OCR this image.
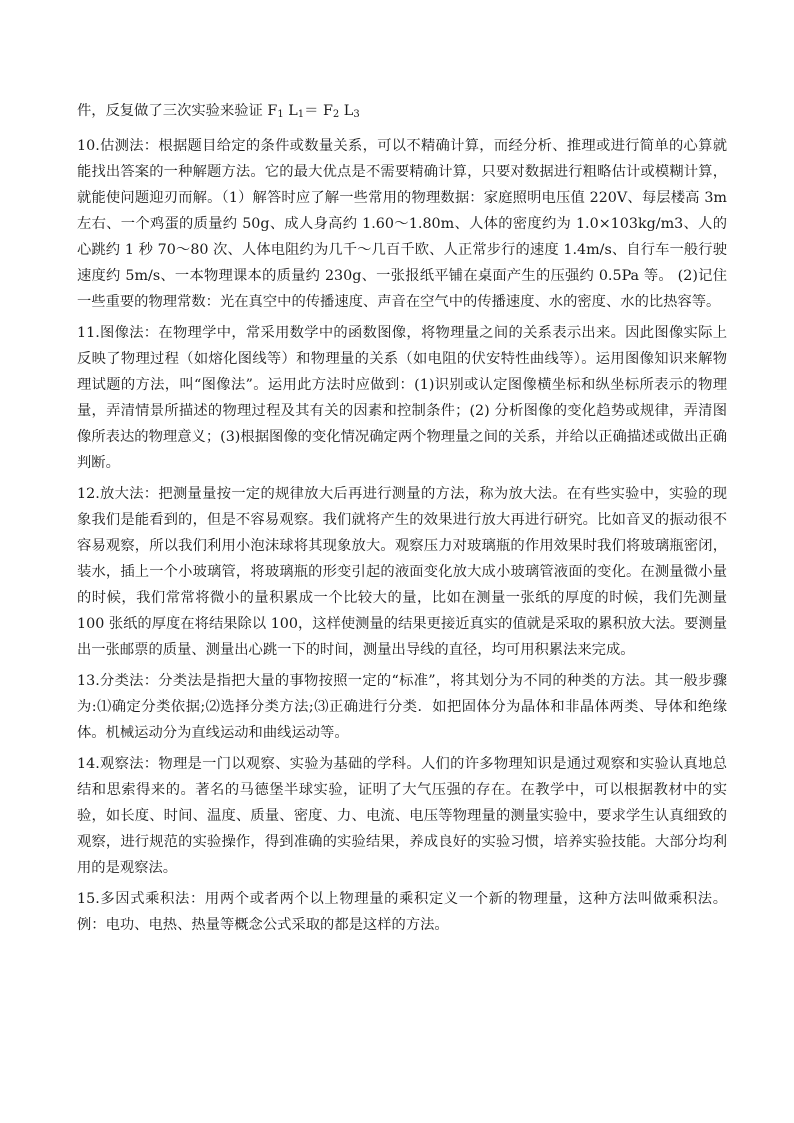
件，反复做了三次实验来验证 $F_1$ $L_1= F_2$ $L_3$

10.估测法：根据题目给定的条件或数量关系，可以不精确计算，而经分析、推理或进行简单的心算就能找出答案的一种解题方法。它的最大优点是不需要精确计算，只要对数据进行粗略估计或模糊计算，就能使问题迎刃而解。（1）解答时应了解一些常用的物理数据：家庭照明电压值 220V、每层楼高 3m 左右、一个鸡蛋的质量约 50g、成人身高约 1.60～1.80m、人体的密度约为 1.0×103kg/m3、人的心跳约 1 秒 70～80 次、人体电阻约为几千～几百千欧、人正常步行的速度 1.4m/s、自行车一般行驶速度约 5m/s、一本物理课本的质量约 230g、一张报纸平铺在桌面产生的压强约 0.5Pa 等。 (2)记住一些重要的物理常数：光在真空中的传播速度、声音在空气中的传播速度、水的密度、水的比热容等。

11.图像法：在物理学中，常采用数学中的函数图像，将物理量之间的关系表示出来。因此图像实际上反映了物理过程（如熔化图线等）和物理量的关系（如电阻的伏安特性曲线等）。运用图像知识来解物理试题的方法，叫“图像法”。运用此方法时应做到：(1)识别或认定图像横坐标和纵坐标所表示的物理量，弄清情景所描述的物理过程及其有关的因素和控制条件；(2) 分析图像的变化趋势或规律，弄清图像所表达的物理意义；(3)根据图像的变化情况确定两个物理量之间的关系，并给以正确描述或做出正确判断。

12.放大法：把测量量按一定的规律放大后再进行测量的方法，称为放大法。在有些实验中，实验的现象我们是能看到的，但是不容易观察。我们就将产生的效果进行放大再进行研究。比如音叉的振动很不容易观察，所以我们利用小泡沫球将其现象放大。观察压力对玻璃瓶的作用效果时我们将玻璃瓶密闭，装水，插上一个小玻璃管，将玻璃瓶的形变引起的液面变化放大成小玻璃管液面的变化。在测量微小量的时候，我们常常将微小的量积累成一个比较大的量，比如在测量一张纸的厚度的时候，我们先测量 100 张纸的厚度在将结果除以 100，这样使测量的结果更接近真实的值就是采取的累积放大法。要测量出一张邮票的质量、测量出心跳一下的时间，测量出导线的直径，均可用积累法来完成。

13.分类法：分类法是指把大量的事物按照一定的“标准”，将其划分为不同的种类的方法。其一般步骤为:⑴确定分类依据;⑵选择分类方法;⑶正确进行分类．如把固体分为晶体和非晶体两类、导体和绝缘体。机械运动分为直线运动和曲线运动等。

14.观察法：物理是一门以观察、实验为基础的学科。人们的许多物理知识是通过观察和实验认真地总结和思索得来的。著名的马德堡半球实验，证明了大气压强的存在。在教学中，可以根据教材中的实验，如长度、时间、温度、质量、密度、力、电流、电压等物理量的测量实验中，要求学生认真细致的观察，进行规范的实验操作，得到准确的实验结果，养成良好的实验习惯，培养实验技能。大部分均利用的是观察法。

15.多因式乘积法：用两个或者两个以上物理量的乘积定义一个新的物理量，这种方法叫做乘积法。例：电功、电热、热量等概念公式采取的都是这样的方法。
